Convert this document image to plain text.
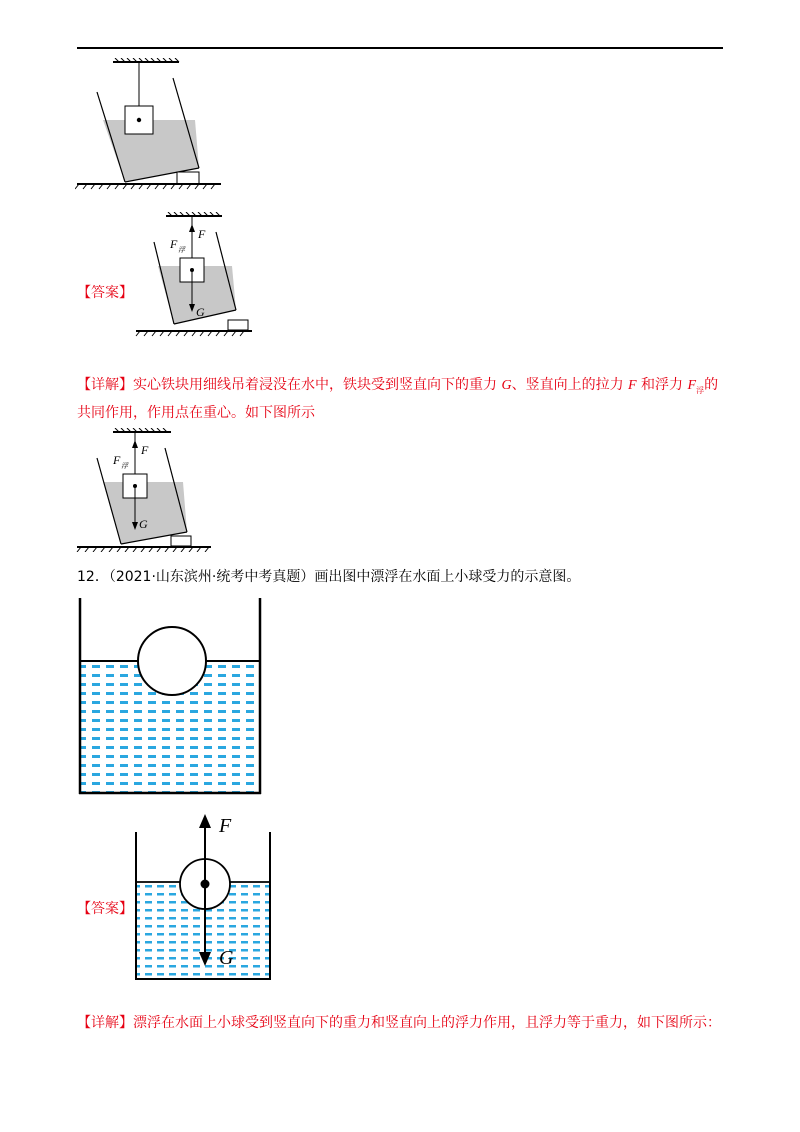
【答案】
F
F 浮
G
【详解】实心铁块用细线吊着浸没在水中，铁块受到竖直向下的重力 G、竖直向上的拉力 F 和浮力 $F_浮$的
共同作用，作用点在重心。如下图所示
F
F 浮
G
12．（2021·山东滨州·统考中考真题）画出图中漂浮在水面上小球受力的示意图。
【答案】
F
G
【详解】漂浮在水面上小球受到竖直向下的重力和竖直向上的浮力作用，且浮力等于重力，如下图所示：
